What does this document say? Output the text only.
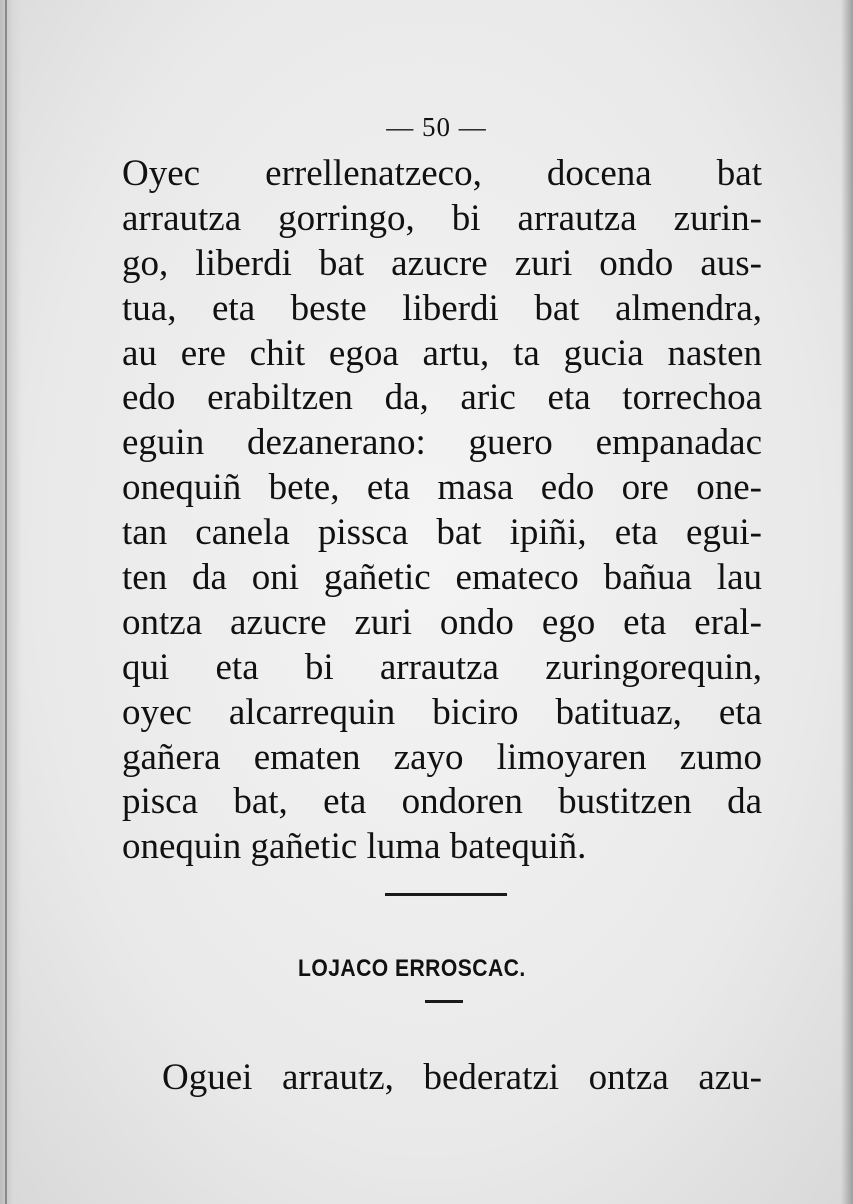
— 50 —
Oyec errellenatzeco, docena bat
arrautza gorringo, bi arrautza zurin-
go, liberdi bat azucre zuri ondo aus-
tua, eta beste liberdi bat almendra,
au ere chit egoa artu, ta gucia nasten
edo erabiltzen da, aric eta torrechoa
eguin dezanerano: guero empanadac
onequiñ bete, eta masa edo ore one-
tan canela pissca bat ipiñi, eta egui-
ten da oni gañetic emateco bañua lau
ontza azucre zuri ondo ego eta eral-
qui eta bi arrautza zuringorequin,
oyec alcarrequin biciro batituaz, eta
gañera ematen zayo limoyaren zumo
pisca bat, eta ondoren bustitzen da
onequin gañetic luma batequiñ.
LOJACO ERROSCAC.
Oguei arrautz, bederatzi ontza azu-
